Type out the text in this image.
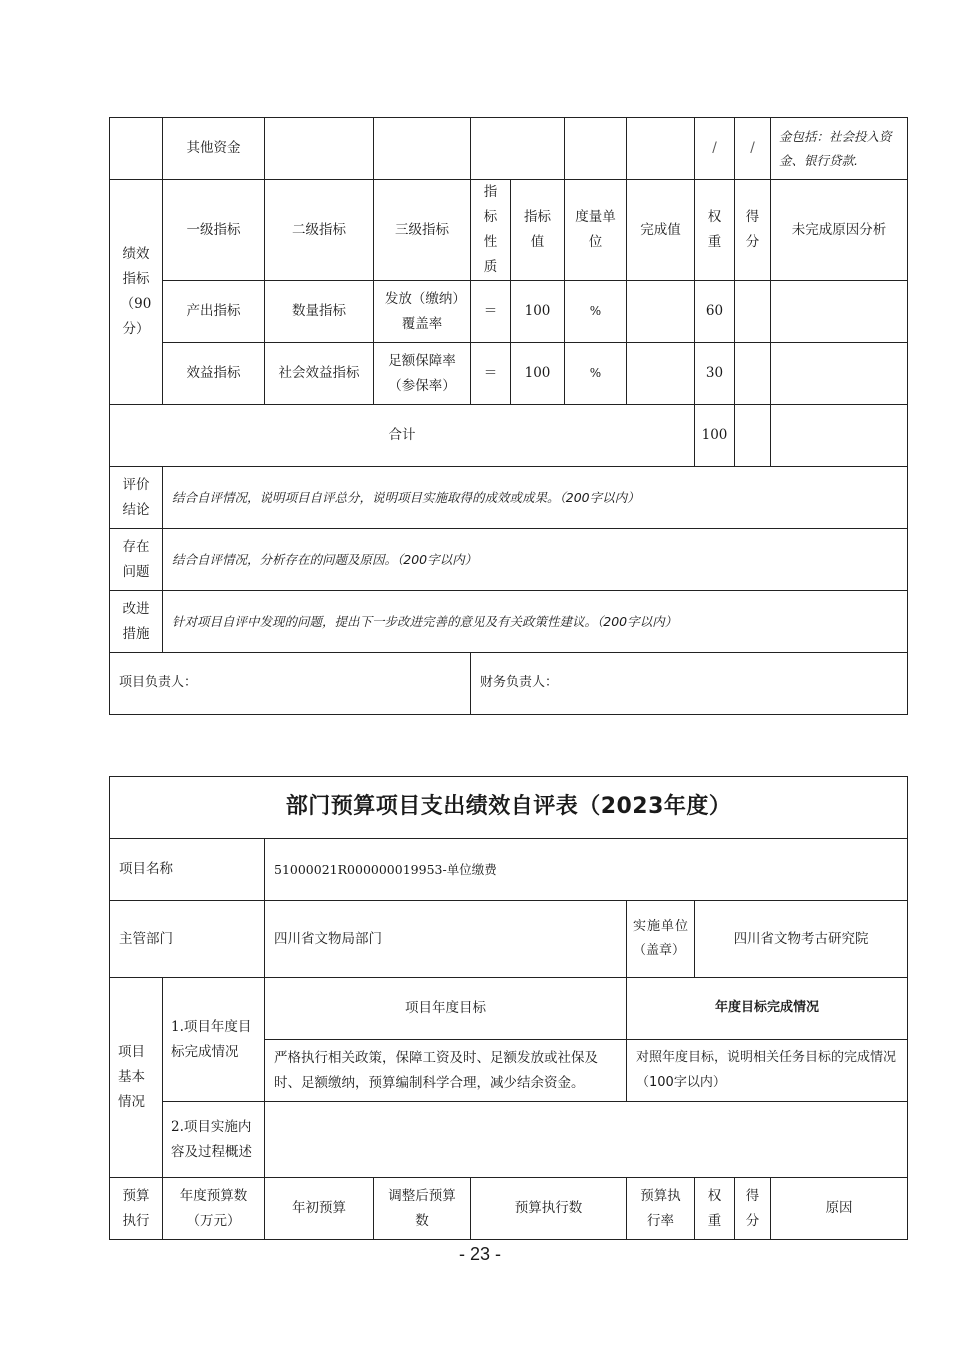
	其他资金							/	/	金包括：社会投入资金、银行贷款.
绩效指标（90分）	一级指标	二级指标	三级指标	指标性质	指标值	度量单位	完成值	权重	得分	未完成原因分析
	产出指标	数量指标	发放（缴纳）覆盖率	＝	100	%		60		
	效益指标	社会效益指标	足额保障率（参保率）	＝	100	%		30		
合计								100		
评价结论	结合自评情况，说明项目自评总分，说明项目实施取得的成效或成果。（200字以内）									
存在问题	结合自评情况，分析存在的问题及原因。（200字以内）									
改进措施	针对项目自评中发现的问题，提出下一步改进完善的意见及有关政策性建议。（200字以内）									
项目负责人：				财务负责人：						
部门预算项目支出绩效自评表（2023年度）								
项目名称		51000021R000000019953-单位缴费						
主管部门		四川省文物局部门			实施单位（盖章）	四川省文物考古研究院		
项目基本情况	1.项目年度目标完成情况	项目年度目标			年度目标完成情况			
		严格执行相关政策，保障工资及时、足额发放或社保及时、足额缴纳，预算编制科学合理，减少结余资金。			对照年度目标，说明相关任务目标的完成情况（100字以内）			
	2.项目实施内容及过程概述							
预算执行	年度预算数（万元）	年初预算	调整后预算数	预算执行数	预算执行率	权重	得分	原因
- 23 -
